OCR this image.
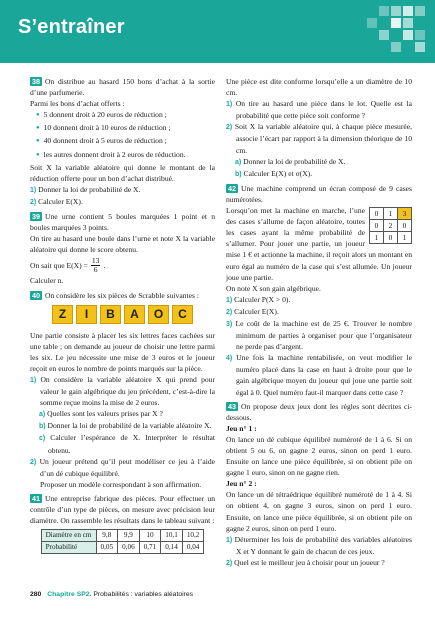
S’entraîner

38 On distribue au hasard 150 bons d’achat à la sortie d’une parfumerie.

Parmi les bons d’achat offerts :

● 5 donnent droit à 20 euros de réduction ;

● 10 donnent droit à 10 euros de réduction ;

● 40 donnent droit à 5 euros de réduction ;

● les autres donnent droit à 2 euros de réduction.

Soit X la variable aléatoire qui donne le montant de la réduction offerte pour un bon d’achat distribué.

1) Donner la loi de probabilité de X.

2) Calculer E(X).

39 Une urne contient 5 boules marquées 1 point et n boules marquées 3 points.

On tire au hasard une boule dans l’urne et note X la variable aléatoire qui donne le score obtenu.

On sait que $E(X) = \frac{13}{6}$ .

Calculer n.

40 On considère les six pièces de Scrabble suivantes :

Z	I	B	A	O	C

Une partie consiste à placer les six lettres faces cachées sur une table ; on demande au joueur de choisir une lettre parmi les six. Le jeu nécessite une mise de 3 euros et le joueur reçoit en euros le nombre de points marqués sur la pièce.

1) On considère la variable aléatoire X qui prend pour valeur le gain algébrique du jeu précédent, c’est-à-dire la somme reçue moins la mise de 2 euros.

a) Quelles sont les valeurs prises par X ?

b) Donner la loi de probabilité de la variable aléatoire X.

c) Calculer l’espérance de X. Interpréter le résultat obtenu.

2) Un joueur prétend qu’il peut modéliser ce jeu à l’aide d’un dé cubique équilibré.

Proposer un modèle correspondant à son affirmation.

41 Une entreprise fabrique des pièces. Pour effectuer un contrôle d’un type de pièces, on mesure avec précision leur diamètre. On rassemble les résultats dans le tableau suivant :

Diamètre en cm	9,8	9,9	10	10,1	10,2
Probabilité	0,05	0,06	0,71	0,14	0,04

Une pièce est dite conforme lorsqu’elle a un diamètre de 10 cm.

1) On tire au hasard une pièce dans le lot. Quelle est la probabilité que cette pièce soit conforme ?

2) Soit X la variable aléatoire qui, à chaque pièce mesurée, associe l’écart par rapport à la dimension théorique de 10 cm.

a) Donner la loi de probabilité de X.

b) Calculer E(X) et σ(X).

42 Une machine comprend un écran composé de 9 cases numérotées.

0	1	3
0	2	0
1	0	1

Lorsqu’on met la machine en marche, l’une des cases s’allume de façon aléatoire, toutes les cases ayant la même probabilité de s’allumer. Pour jouer une partie, un joueur mise 1 € et actionne la machine, il reçoit alors un montant en euro égal au numéro de la case qui s’est allumée. Un joueur joue une partie.

On note X son gain algébrique.

1) Calculer P(X > 0).

2) Calculer E(X).

3) Le coût de la machine est de 25 €. Trouver le nombre minimum de parties à organiser pour que l’organisateur ne perde pas d’argent.

4) Une fois la machine rentabilisée, on veut modifier le numéro placé dans la case en haut à droite pour que le gain algébrique moyen du joueur qui joue une partie soit égal à 0. Quel numéro faut-il marquer dans cette case ?

43 On propose deux jeux dont les règles sont décrites ci-dessous.

Jeu n° 1 :

On lance un dé cubique équilibré numéroté de 1 à 6. Si on obtient 5 ou 6, on gagne 2 euros, sinon on perd 1 euro. Ensuite on lance une pièce équilibrée, si on obtient pile on gagne 1 euro, sinon on ne gagne rien.

Jeu n° 2 :

On lance un dé tétraédrique équilibré numéroté de 1 à 4. Si on obtient 4, on gagne 3 euros, sinon on perd 1 euro. Ensuite, on lance une pièce équilibrée, si on obtient pile on gagne 2 euros, sinon on perd 1 euro.

1) Déterminer les lois de probabilité des variables aléatoires X et Y donnant le gain de chacun de ces jeux.

2) Quel est le meilleur jeu à choisir pour un joueur ?

280 Chapitre SP2. Probabilités : variables aléatoires
